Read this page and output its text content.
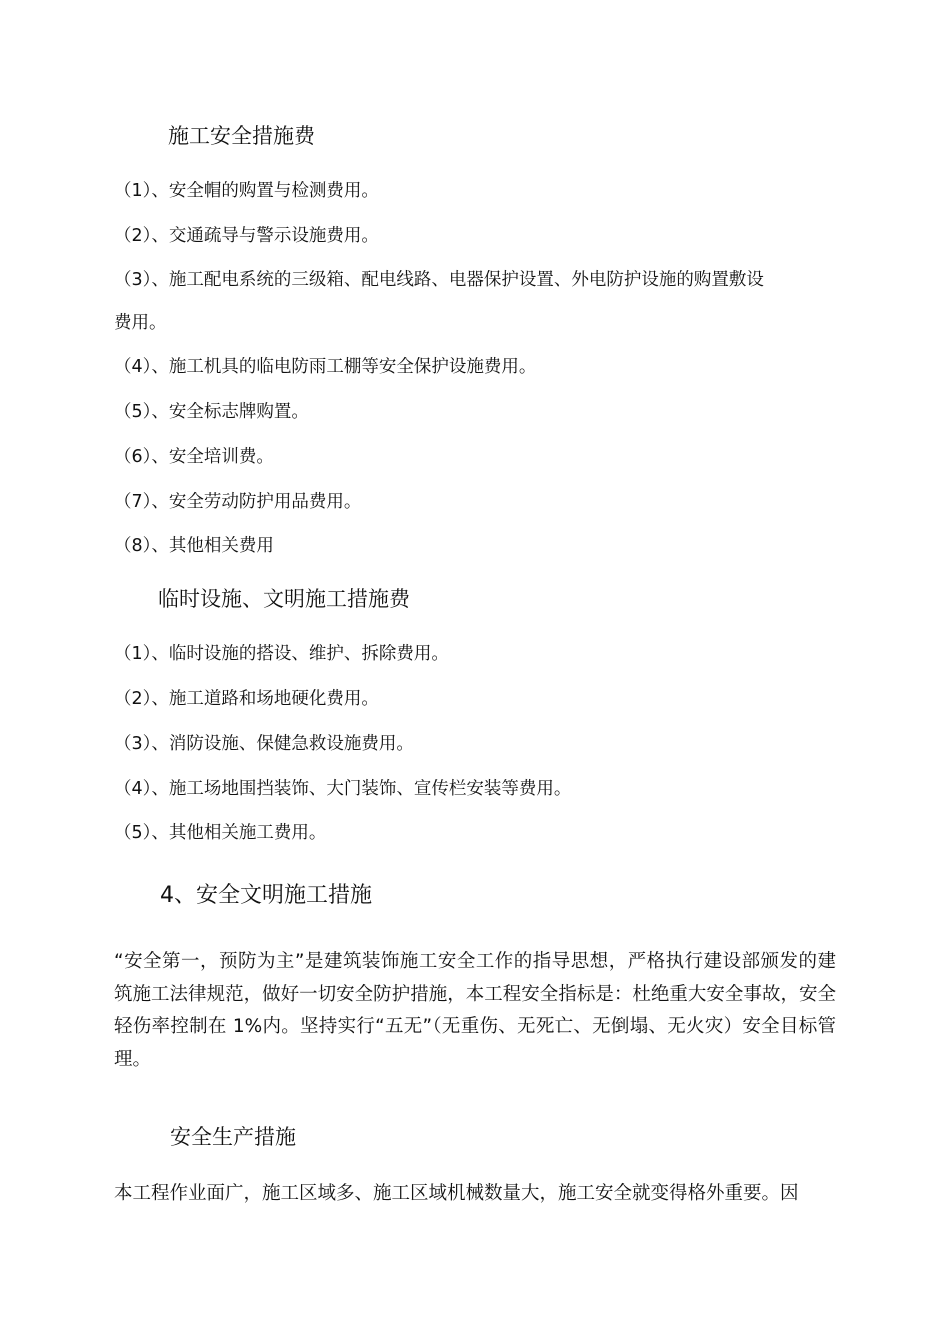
施工安全措施费
（1）、安全帽的购置与检测费用。
（2）、交通疏导与警示设施费用。
（3）、施工配电系统的三级箱、配电线路、电器保护设置、外电防护设施的购置敷设
费用。
（4）、施工机具的临电防雨工棚等安全保护设施费用。
（5）、安全标志牌购置。
（6）、安全培训费。
（7）、安全劳动防护用品费用。
（8）、其他相关费用
临时设施、文明施工措施费
（1）、临时设施的搭设、维护、拆除费用。
（2）、施工道路和场地硬化费用。
（3）、消防设施、保健急救设施费用。
（4）、施工场地围挡装饰、大门装饰、宣传栏安装等费用。
（5）、其他相关施工费用。
4、安全文明施工措施
“安全第一，预防为主”是建筑装饰施工安全工作的指导思想，严格执行建设部颁发的建筑施工法律规范，做好一切安全防护措施，本工程安全指标是：杜绝重大安全事故，安全轻伤率控制在 1%内。坚持实行“五无”（无重伤、无死亡、无倒塌、无火灾）安全目标管理。
安全生产措施
本工程作业面广，施工区域多、施工区域机械数量大，施工安全就变得格外重要。因
